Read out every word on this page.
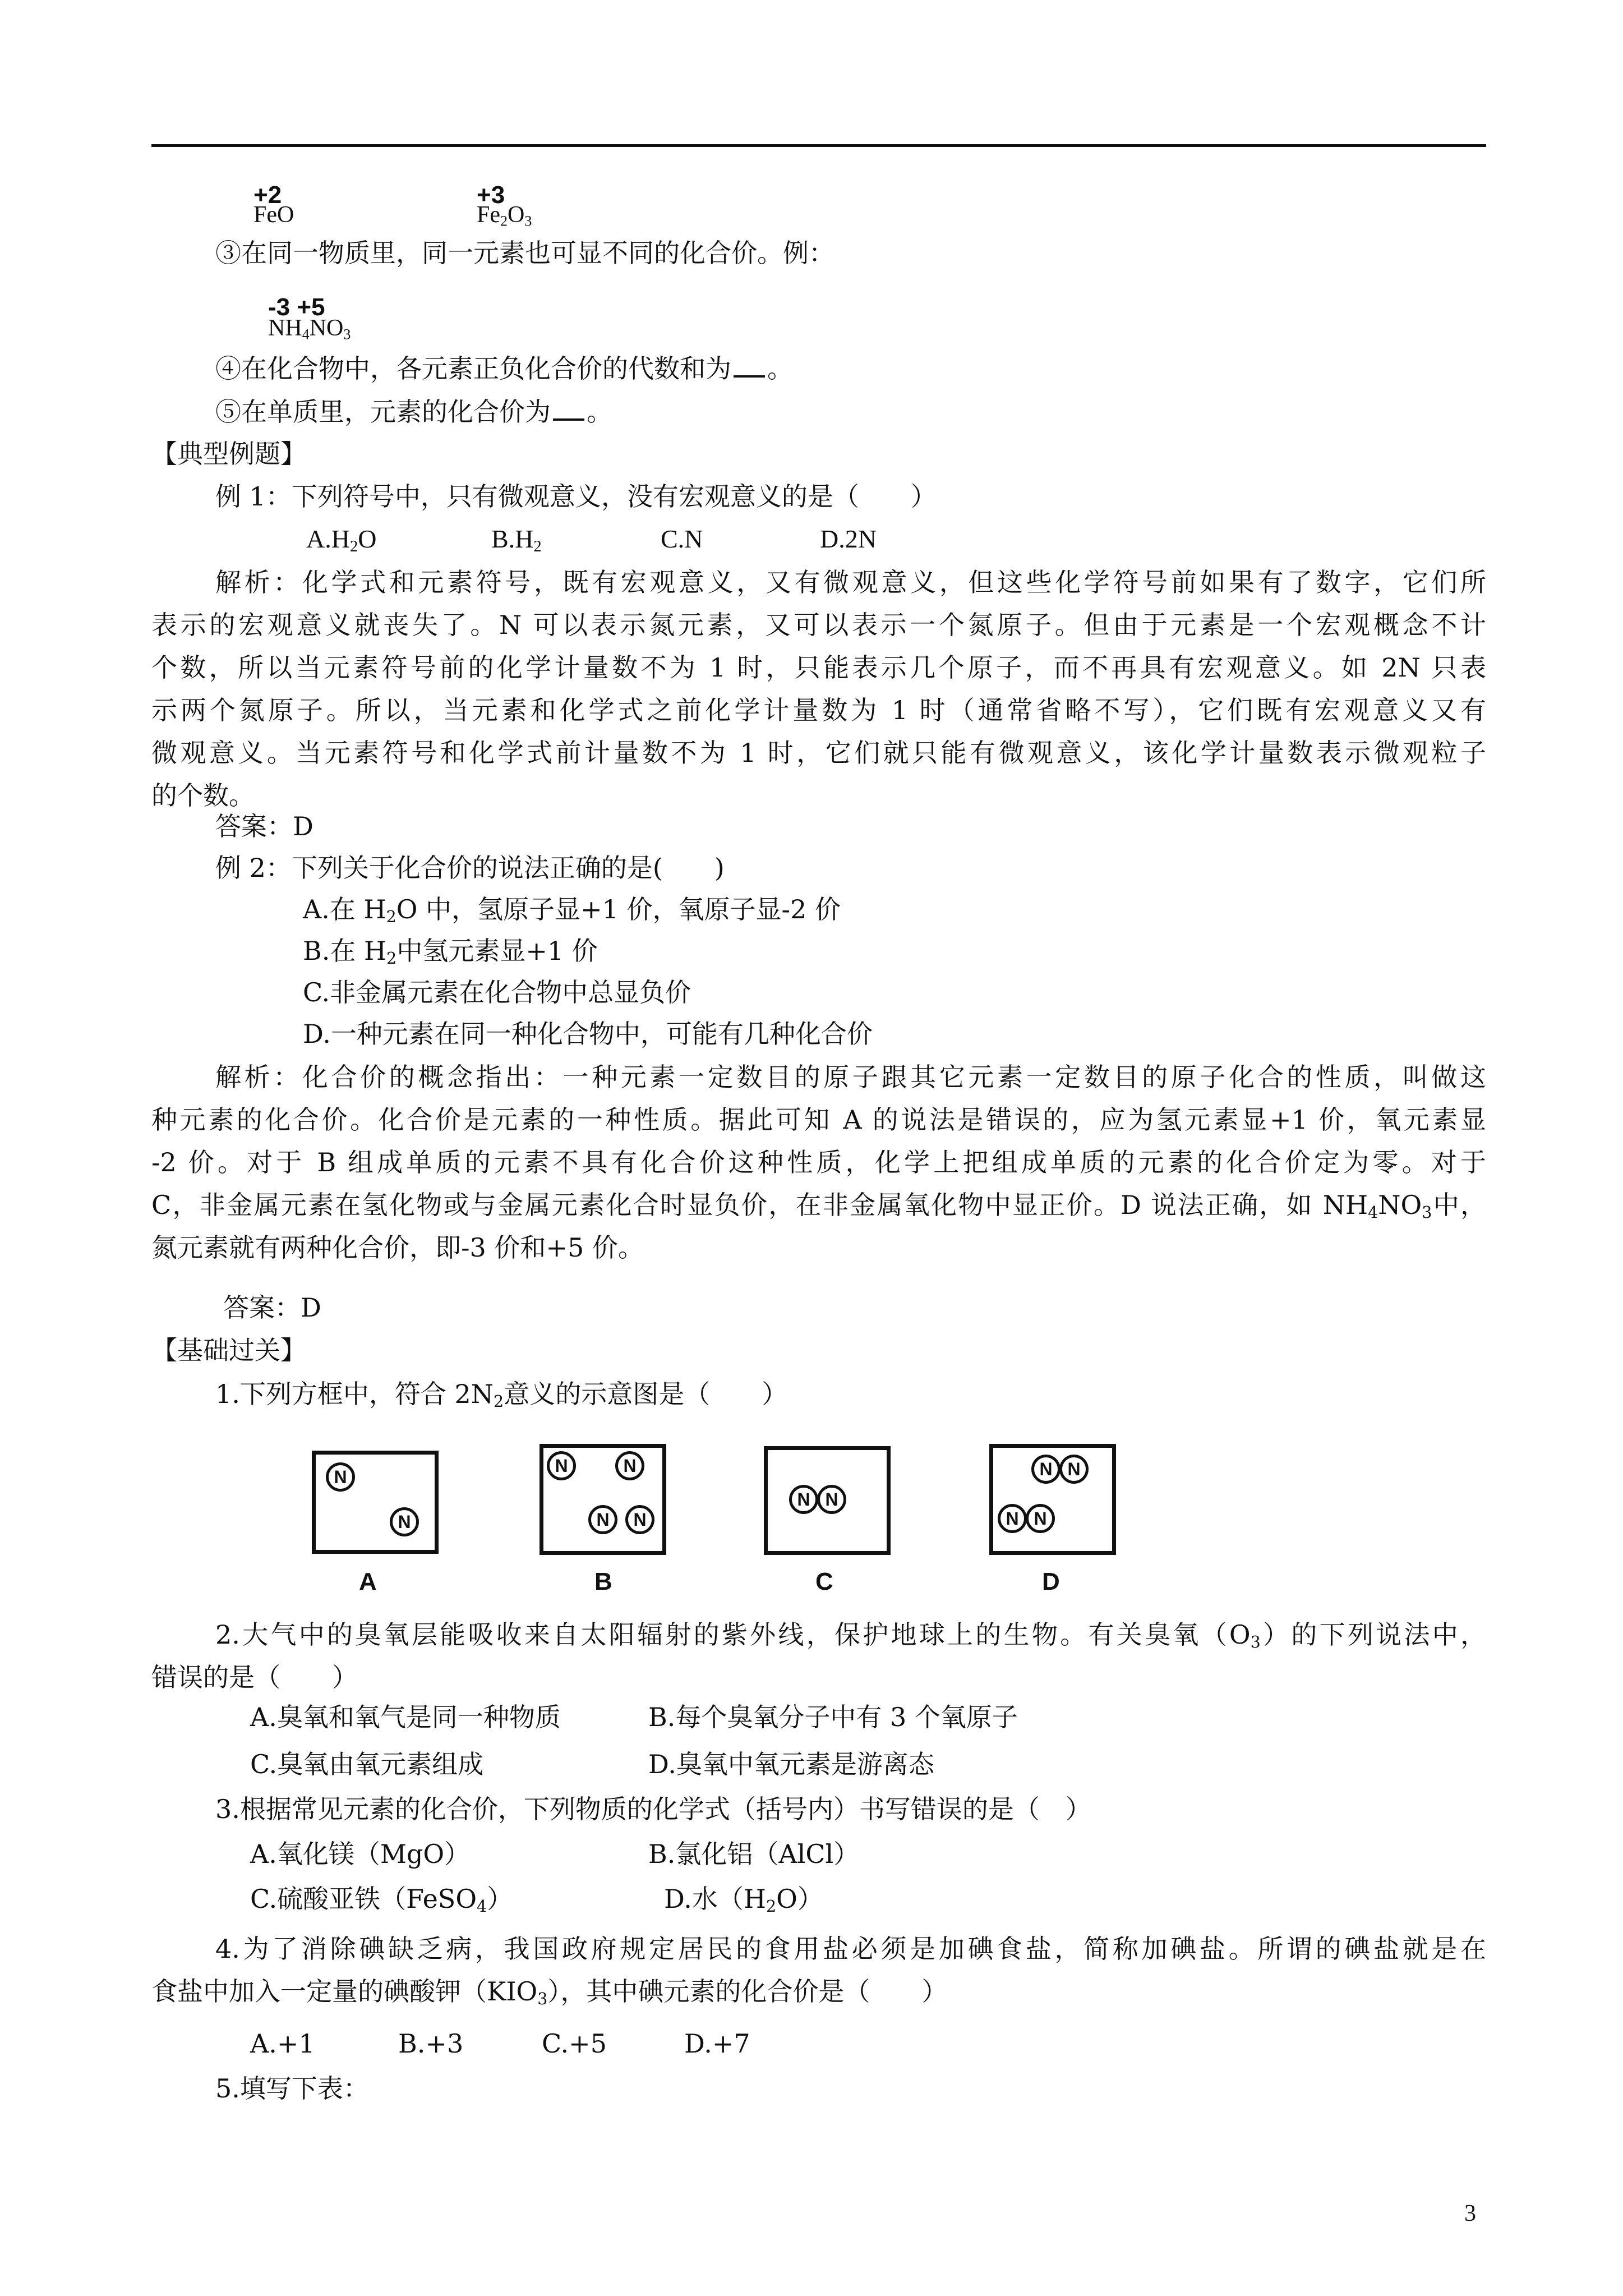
+2
FeO
+3
$Fe_2O_3$
③在同一物质里，同一元素也可显不同的化合价。例：
-3 +5
$NH_4NO_3$
④在化合物中，各元素正负化合价的代数和为 。
⑤在单质里，元素的化合价为 。
【典型例题】
例 1：下列符号中，只有微观意义，没有宏观意义的是（　　）
$A.H_2O$	$B.H_2$	C.N	D.2N
解析：化学式和元素符号，既有宏观意义，又有微观意义，但这些化学符号前如果有了数字，它们所
表示的宏观意义就丧失了。N 可以表示氮元素，又可以表示一个氮原子。但由于元素是一个宏观概念不计
个数，所以当元素符号前的化学计量数不为 1 时，只能表示几个原子，而不再具有宏观意义。如 2N 只表
示两个氮原子。所以，当元素和化学式之前化学计量数为 1 时（通常省略不写），它们既有宏观意义又有
微观意义。当元素符号和化学式前计量数不为 1 时，它们就只能有微观意义，该化学计量数表示微观粒子
的个数。
答案：D
例 2：下列关于化合价的说法正确的是(　　)
A.在 $H_2O$ 中，氢原子显+1 价，氧原子显-2 价
B.在 $H_2$中氢元素显+1 价
C.非金属元素在化合物中总显负价
D.一种元素在同一种化合物中，可能有几种化合价
解析：化合价的概念指出：一种元素一定数目的原子跟其它元素一定数目的原子化合的性质，叫做这
种元素的化合价。化合价是元素的一种性质。据此可知 A 的说法是错误的，应为氢元素显+1 价，氧元素显
-2 价。对于 B 组成单质的元素不具有化合价这种性质，化学上把组成单质的元素的化合价定为零。对于
C，非金属元素在氢化物或与金属元素化合时显负价，在非金属氧化物中显正价。D 说法正确，如 $NH_4NO_3$中，
氮元素就有两种化合价，即-3 价和+5 价。
答案：D
【基础过关】
1.下列方框中，符合 $2N_2$意义的示意图是（　　）
N
N
A
N	N
N	N
B
N N
C
N N
N N
D
2.大气中的臭氧层能吸收来自太阳辐射的紫外线，保护地球上的生物。有关臭氧$(O_3)$的下列说法中，
错误的是（　　）
A.臭氧和氧气是同一种物质	B.每个臭氧分子中有 3 个氧原子
C.臭氧由氧元素组成	D.臭氧中氧元素是游离态
3.根据常见元素的化合价，下列物质的化学式（括号内）书写错误的是（　）
A.氧化镁（MgO）	B.氯化铝（AlCl）
C.硫酸亚铁（FeSO$_4$）	D.水$(H_2O)$
4.为了消除碘缺乏病，我国政府规定居民的食用盐必须是加碘食盐，简称加碘盐。所谓的碘盐就是在
食盐中加入一定量的碘酸钾$(KIO_3)$，其中碘元素的化合价是（　　）
A.+1	B.+3	C.+5	D.+7
5.填写下表：
3
